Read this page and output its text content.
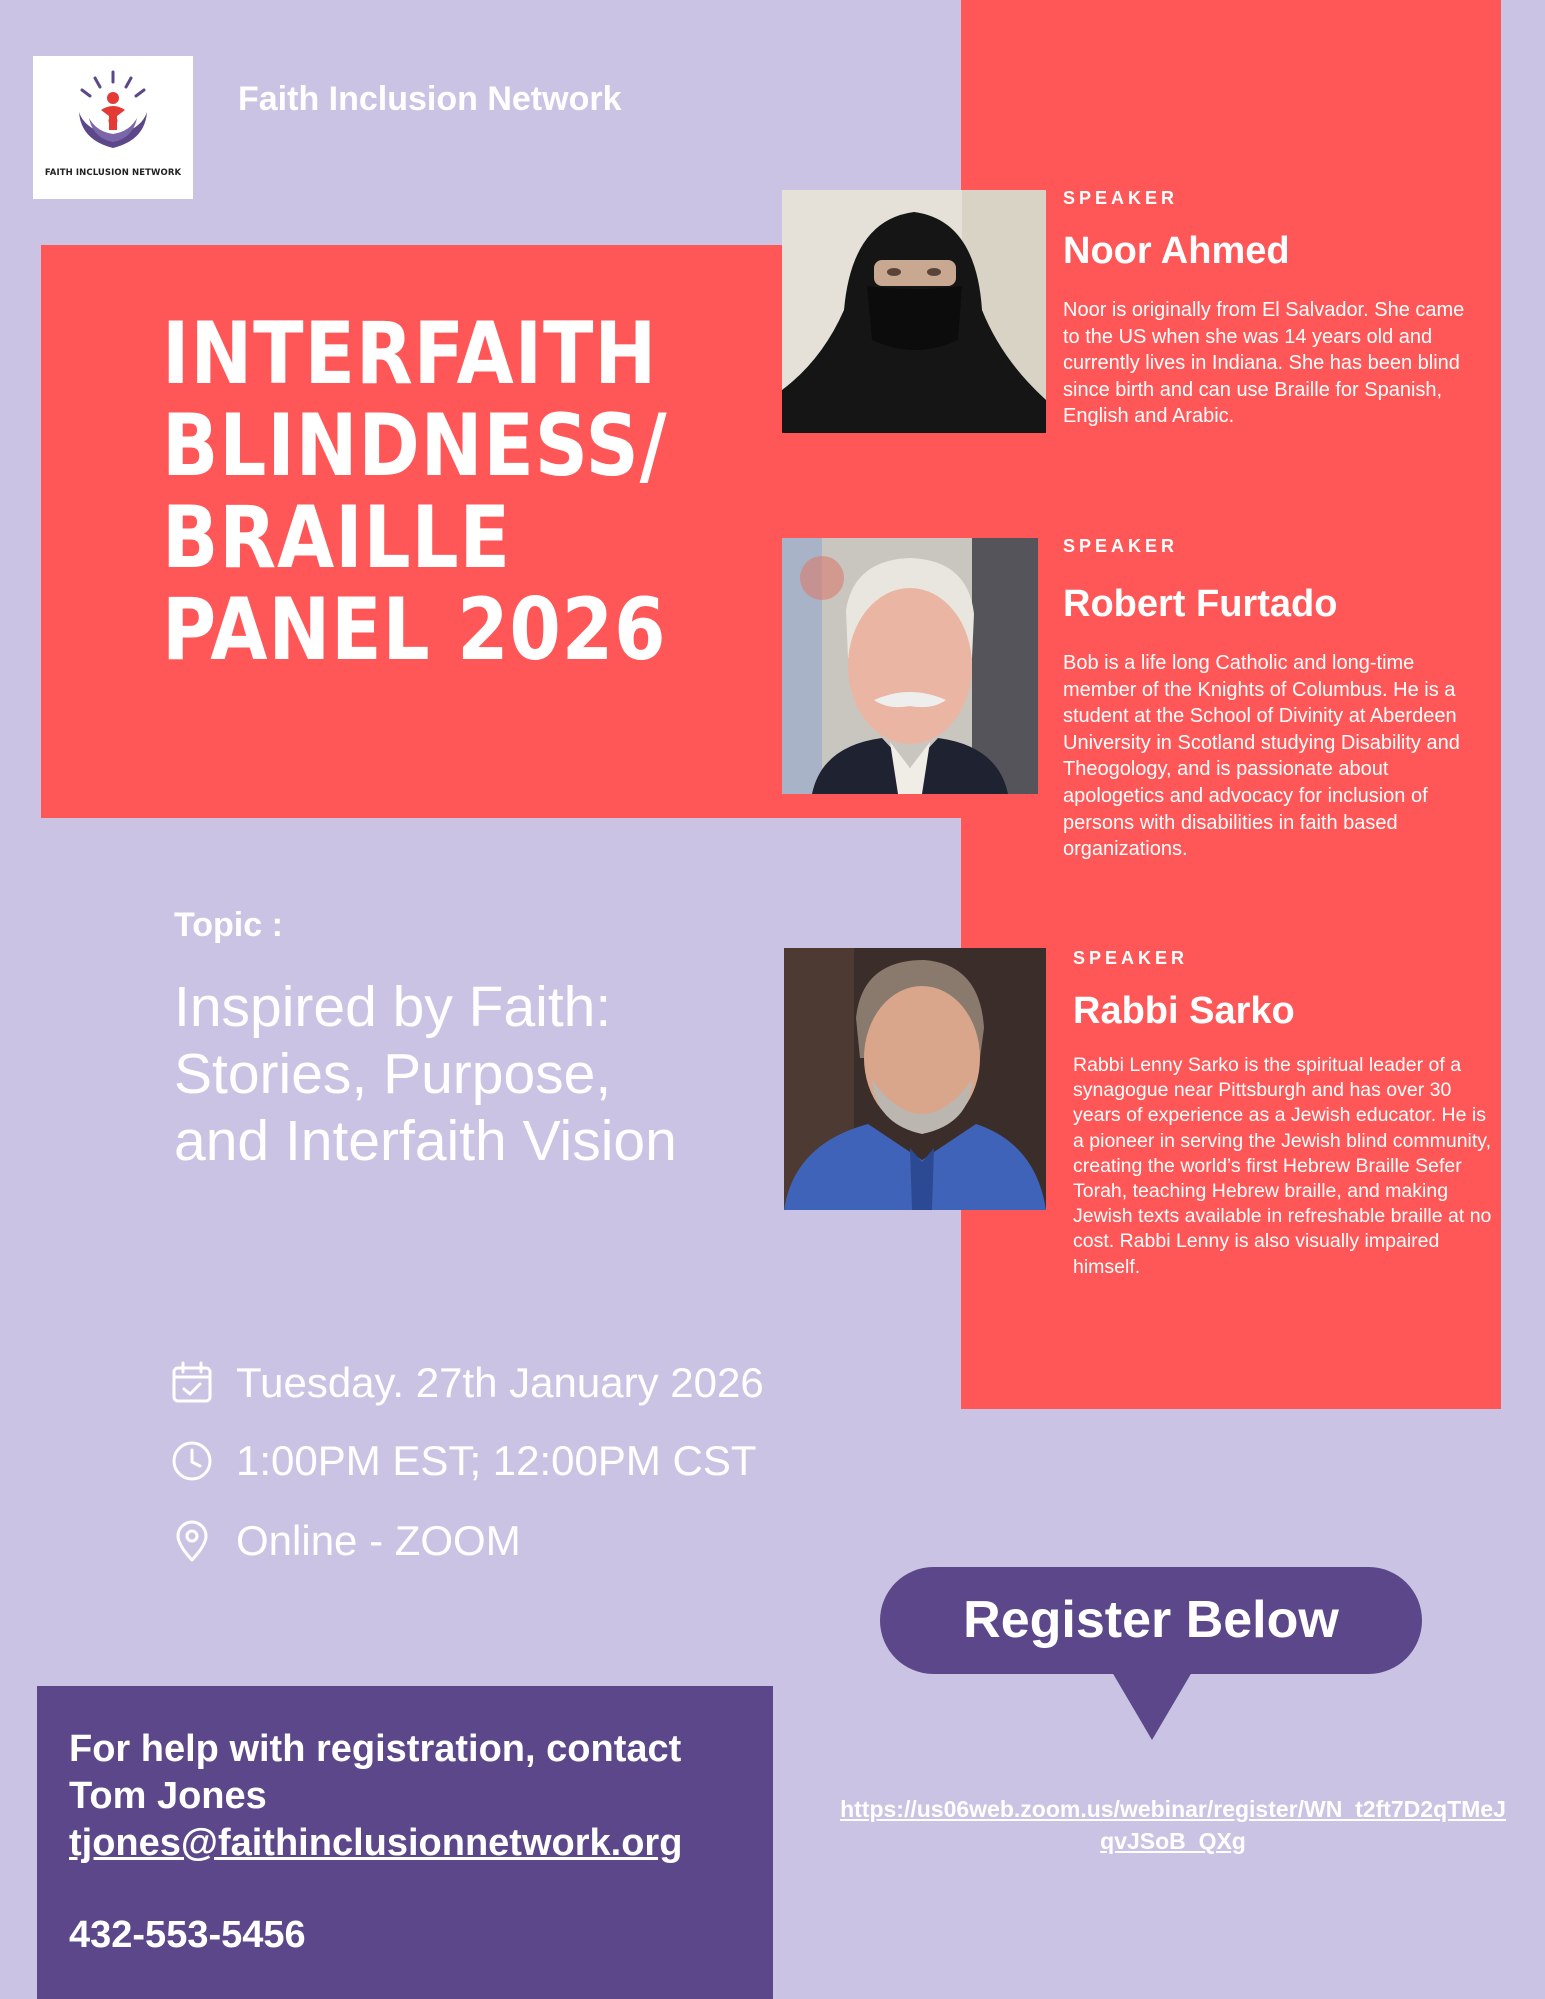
FAITH INCLUSION NETWORK
Faith Inclusion Network
INTERFAITH
BLINDNESS/
BRAILLE
PANEL 2026
SPEAKER
Noor Ahmed
Noor is originally from El Salvador. She came to the US when she was 14 years old and currently lives in Indiana. She has been blind since birth and can use Braille for Spanish, English and Arabic.
SPEAKER
Robert Furtado
Bob is a life long Catholic and long-time member of the Knights of Columbus. He is a student at the School of Divinity at Aberdeen University in Scotland studying Disability and Theogology, and is passionate about apologetics and advocacy for inclusion of persons with disabilities in faith based organizations.
SPEAKER
Rabbi Sarko
Rabbi Lenny Sarko is the spiritual leader of a synagogue near Pittsburgh and has over 30 years of experience as a Jewish educator. He is a pioneer in serving the Jewish blind community, creating the world’s first Hebrew Braille Sefer Torah, teaching Hebrew braille, and making Jewish texts available in refreshable braille at no cost. Rabbi Lenny is also visually impaired himself.
Topic :
Inspired by Faith: Stories, Purpose, and Interfaith Vision
Tuesday. 27th January 2026
1:00PM EST; 12:00PM CST
Online - ZOOM
Register Below
https://us06web.zoom.us/webinar/register/WN_t2ft7D2qTMeJqvJSoB_QXg
For help with registration, contact
Tom Jones
tjones@faithinclusionnetwork.org
432-553-5456
